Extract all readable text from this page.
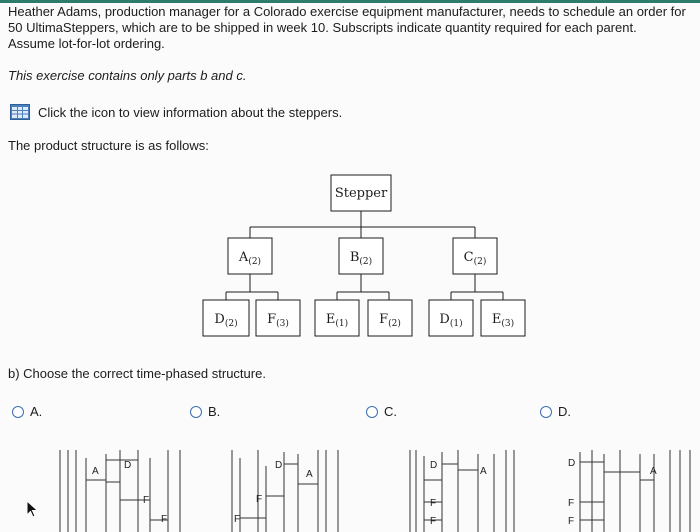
Heather Adams, production manager for a Colorado exercise equipment manufacturer, needs to schedule an order for
50 UltimaSteppers, which are to be shipped in week 10. Subscripts indicate quantity required for each parent.
Assume lot-for-lot ordering.

This exercise contains only parts b and c.

Click the icon to view information about the steppers.

The product structure is as follows:

Stepper
A(2)	B(2)	C(2)
D(2) F(3)	E(1) F(2)	D(1) E(3)

b) Choose the correct time-phased structure.

A.	B.	C.	D.
A
D
F
F
D
A
F
F
D
A
F
F
D
A
F
F
